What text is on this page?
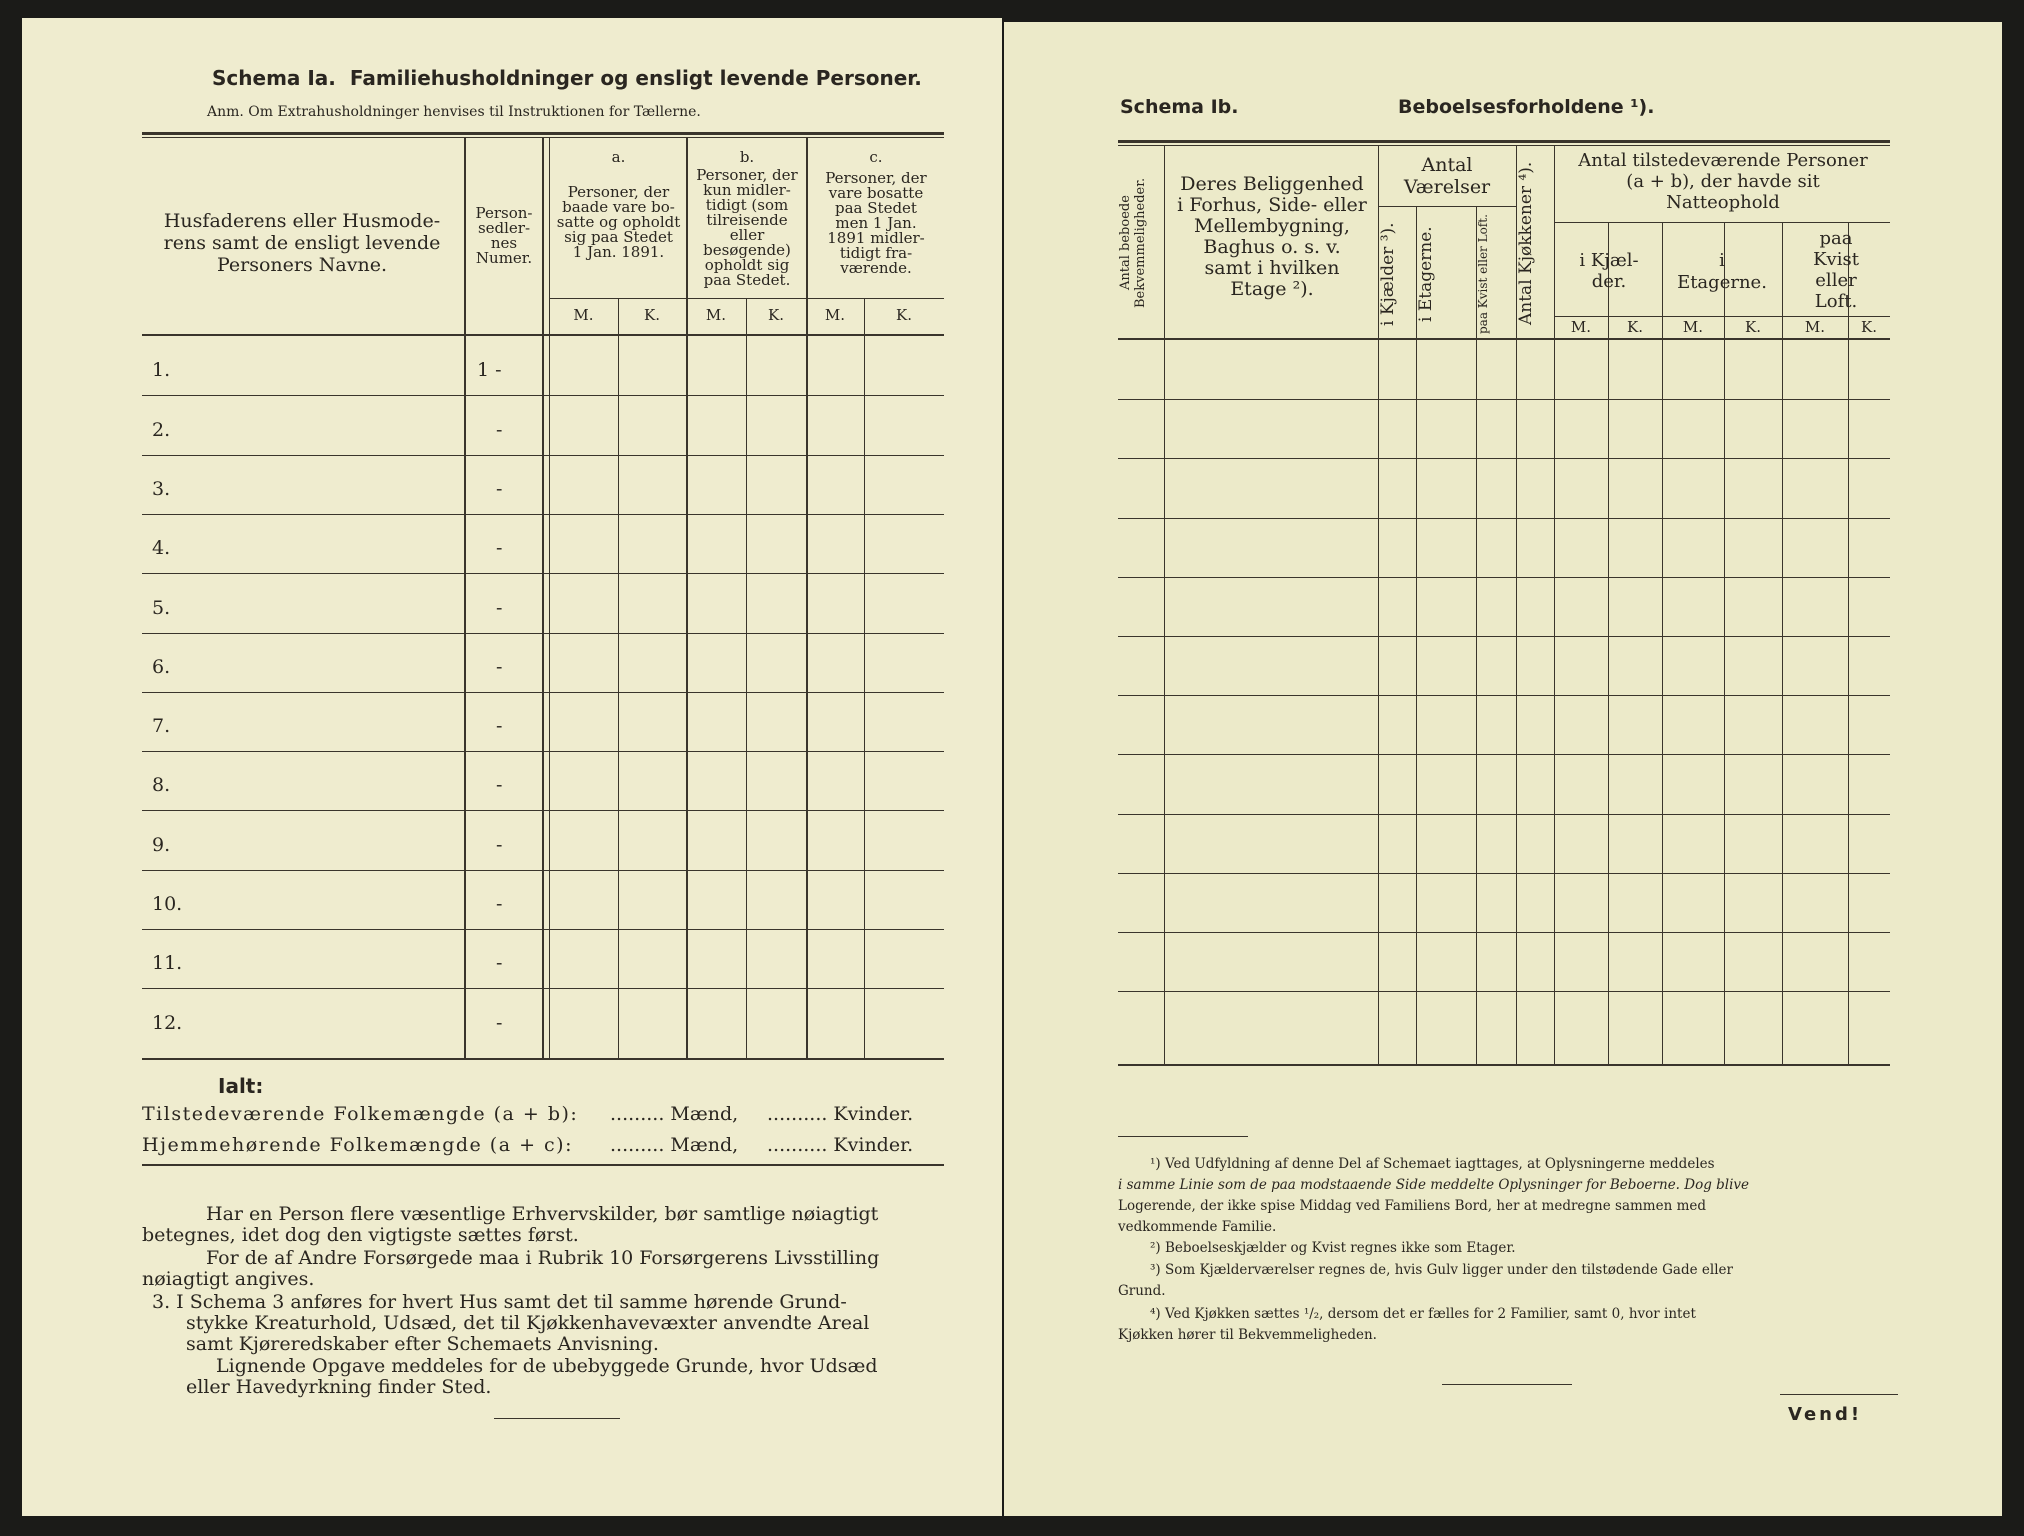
Schema Ia. Familiehusholdninger og ensligt levende Personer.
Anm. Om Extrahusholdninger henvises til Instruktionen for Tællerne.
Husfaderens eller Husmode-
rens samt de ensligt levende
Personers Navne.
Person-
sedler-
nes
Numer.
a.
Personer, der
baade vare bo-
satte og opholdt
sig paa Stedet
1 Jan. 1891.
b.
Personer, der
kun midler-
tidigt (som
tilreisende
eller
besøgende)
opholdt sig
paa Stedet.
c.
Personer, der
vare bosatte
paa Stedet
men 1 Jan.
1891 midler-
tidigt fra-
værende.
M.	K.	M.	K.	M.	K.
1.	1 -
2.	-
3.	-
4.	-
5.	-
6.	-
7.	-
8.	-
9.	-
10.	-
11.	-
12.	-
Ialt:
Tilstedeværende Folkemængde (a + b): ......... Mænd, .......... Kvinder.
Hjemmehørende Folkemængde (a + c): ......... Mænd, .......... Kvinder.
Har en Person flere væsentlige Erhvervskilder, bør samtlige nøiagtigt
betegnes, idet dog den vigtigste sættes først.
For de af Andre Forsørgede maa i Rubrik 10 Forsørgerens Livsstilling
nøiagtigt angives.
3. I Schema 3 anføres for hvert Hus samt det til samme hørende Grund-
stykke Kreaturhold, Udsæd, det til Kjøkkenhavevæxter anvendte Areal
samt Kjøreredskaber efter Schemaets Anvisning.
Lignende Opgave meddeles for de ubebyggede Grunde, hvor Udsæd
eller Havedyrkning finder Sted.
Schema Ib.	Beboelsesforholdene ¹).
Antal beboede Bekvemmeligheder.	Deres Beliggenhed
i Forhus, Side- eller
Mellembygning,
Baghus o. s. v.
samt i hvilken
Etage ²).
Antal
Værelser
i Kjælder ³).	i Etagerne.	paa Kvist eller Loft.	Antal Kjøkkener ⁴).
Antal tilstedeværende Personer
(a + b), der havde sit
Natteophold
i Kjæl-
der.
i
Etagerne.
paa
Kvist
eller
Loft.
M.	K.	M.	K.	M.	K.
¹) Ved Udfyldning af denne Del af Schemaet iagttages, at Oplysningerne meddeles
i samme Linie som de paa modstaaende Side meddelte Oplysninger for Beboerne. Dog blive
Logerende, der ikke spise Middag ved Familiens Bord, her at medregne sammen med
vedkommende Familie.
²) Beboelseskjælder og Kvist regnes ikke som Etager.
³) Som Kjælderværelser regnes de, hvis Gulv ligger under den tilstødende Gade eller
Grund.
⁴) Ved Kjøkken sættes ¹/₂, dersom det er fælles for 2 Familier, samt 0, hvor intet
Kjøkken hører til Bekvemmeligheden.
Vend!
